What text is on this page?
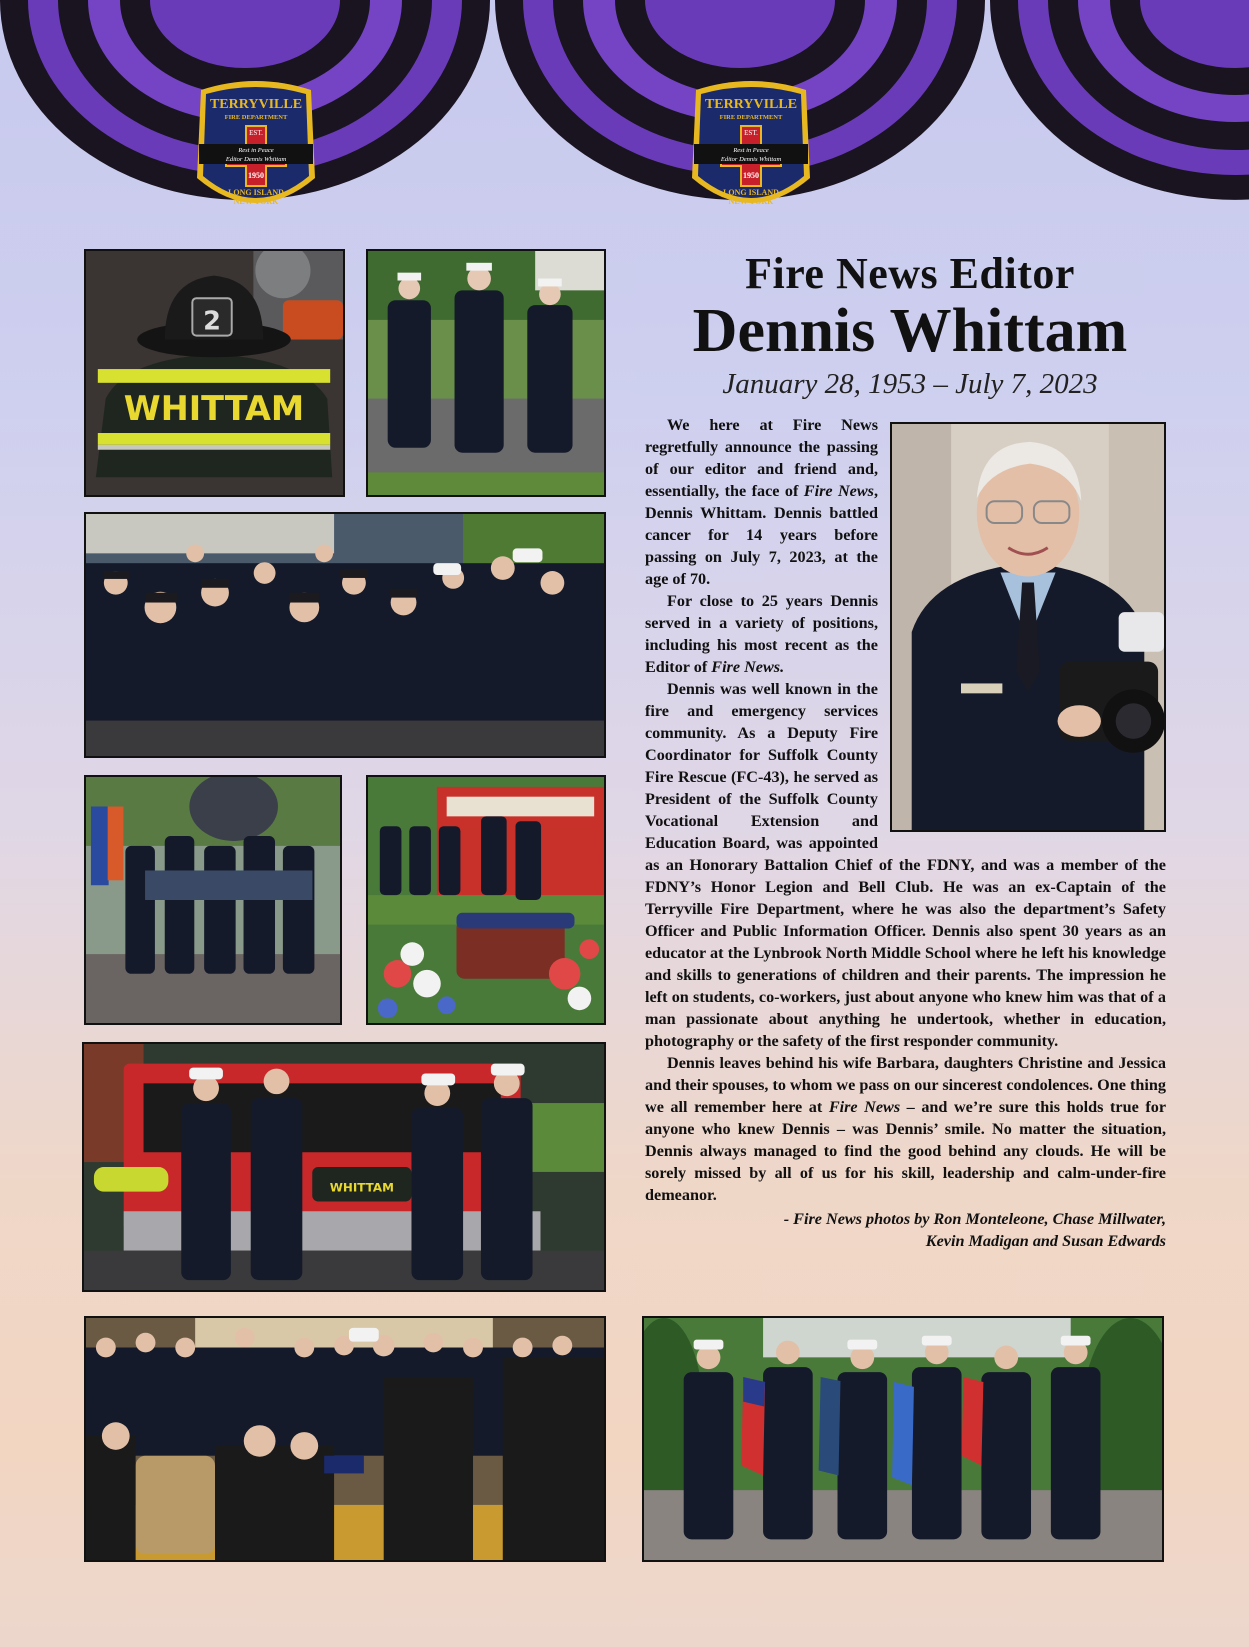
TERRYVILLE
FIRE DEPARTMENT
EST.
Rest in Peace
Editor Dennis Whittam
1950
LONG ISLAND
NEW YORK
TERRYVILLE
FIRE DEPARTMENT
EST.
Rest in Peace
Editor Dennis Whittam
1950
LONG ISLAND
NEW YORK
WHITTAM
2
WHITTAM
Fire News Editor
Dennis Whittam
January 28, 1953 – July 7, 2023

We here at Fire News regretfully announce the passing of our editor and friend and, essentially, the face of Fire News, Dennis Whittam. Dennis battled cancer for 14 years before passing on July 7, 2023, at the age of 70.

For close to 25 years Dennis served in a variety of positions, including his most recent as the Editor of Fire News.

Dennis was well known in the fire and emergency services community. As a Deputy Fire Coordinator for Suffolk County Fire Rescue (FC-43), he served as President of the Suffolk County Vocational Extension and Education Board, was appointed as an Honorary Battalion Chief of the FDNY, and was a member of the FDNY’s Honor Legion and Bell Club. He was an ex-Captain of the Terryville Fire Department, where he was also the department’s Safety Officer and Public Information Officer. Dennis also spent 30 years as an educator at the Lynbrook North Middle School where he left his knowledge and skills to generations of children and their parents. The impression he left on students, co-workers, just about anyone who knew him was that of a man passionate about anything he undertook, whether in education, photography or the safety of the first responder community.

Dennis leaves behind his wife Barbara, daughters Christine and Jessica and their spouses, to whom we pass on our sincerest condolences. One thing we all remember here at Fire News – and we’re sure this holds true for anyone who knew Dennis – was Dennis’ smile. No matter the situation, Dennis always managed to find the good behind any clouds. He will be sorely missed by all of us for his skill, leadership and calm-under-fire demeanor.

- Fire News photos by Ron Monteleone, Chase Millwater,
Kevin Madigan and Susan Edwards
